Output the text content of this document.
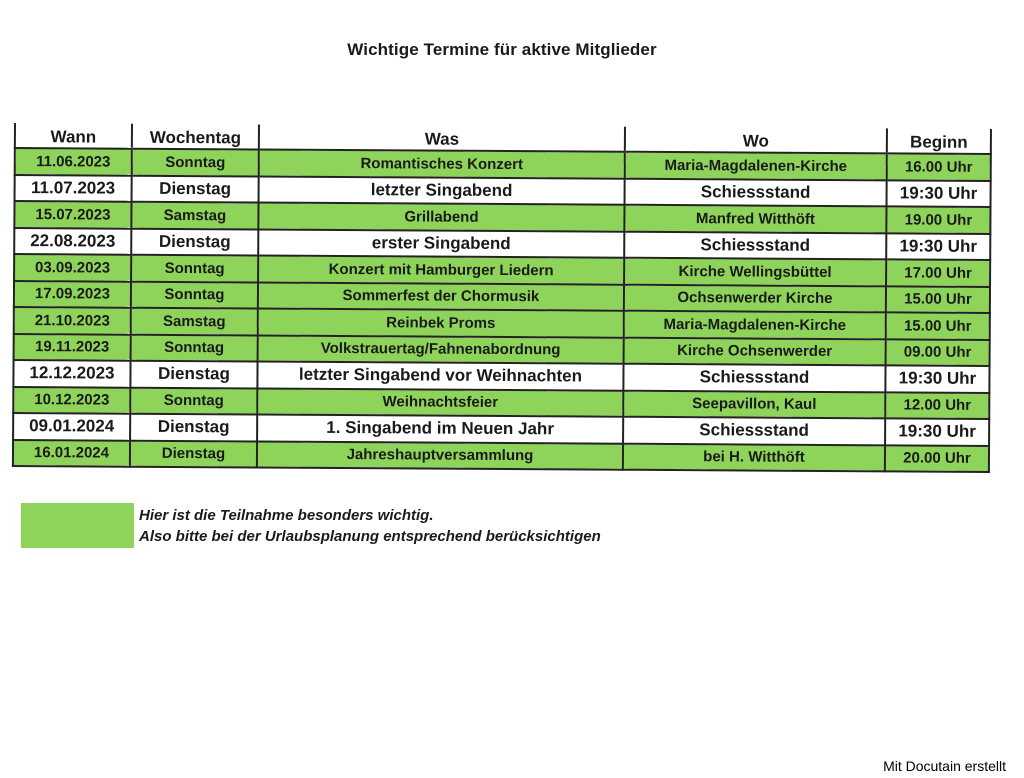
Wichtige Termine für aktive Mitglieder
Wann	Wochentag	Was	Wo	Beginn
11.06.2023	Sonntag	Romantisches Konzert	Maria-Magdalenen-Kirche	16.00 Uhr
11.07.2023	Dienstag	letzter Singabend	Schiessstand	19:30 Uhr
15.07.2023	Samstag	Grillabend	Manfred Witthöft	19.00 Uhr
22.08.2023	Dienstag	erster Singabend	Schiessstand	19:30 Uhr
03.09.2023	Sonntag	Konzert mit Hamburger Liedern	Kirche Wellingsbüttel	17.00 Uhr
17.09.2023	Sonntag	Sommerfest der Chormusik	Ochsenwerder Kirche	15.00 Uhr
21.10.2023	Samstag	Reinbek Proms	Maria-Magdalenen-Kirche	15.00 Uhr
19.11.2023	Sonntag	Volkstrauertag/Fahnenabordnung	Kirche Ochsenwerder	09.00 Uhr
12.12.2023	Dienstag	letzter Singabend vor Weihnachten	Schiessstand	19:30 Uhr
10.12.2023	Sonntag	Weihnachtsfeier	Seepavillon, Kaul	12.00 Uhr
09.01.2024	Dienstag	1. Singabend im Neuen Jahr	Schiessstand	19:30 Uhr
16.01.2024	Dienstag	Jahreshauptversammlung	bei H. Witthöft	20.00 Uhr
Hier ist die Teilnahme besonders wichtig.
Also bitte bei der Urlaubsplanung entsprechend berücksichtigen
Mit Docutain erstellt
